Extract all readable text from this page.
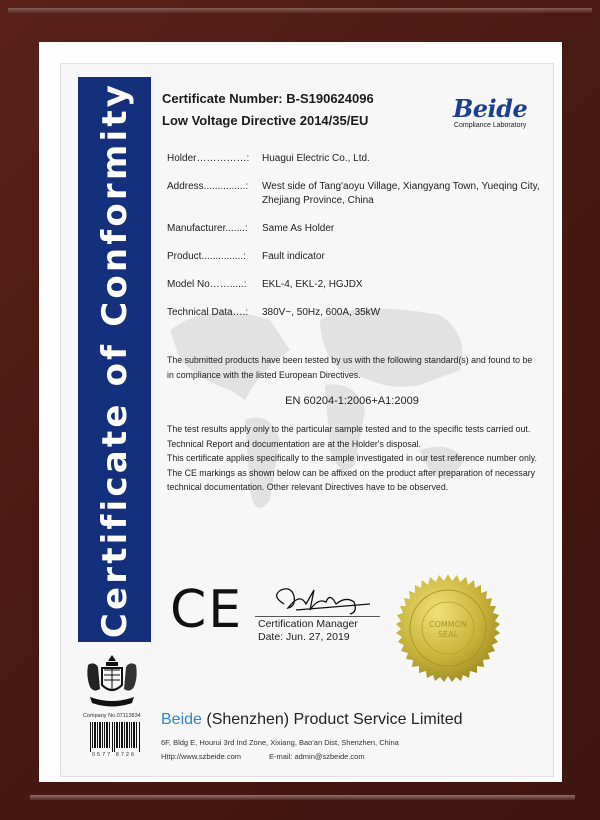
Certificate of Conformity Certificate Number: B-S190624096
Low Voltage Directive 2014/35/EU	Beide
Compliance Laboratory
Holder……………:	Huagui Electric Co., Ltd.
Address...............:	West side of Tang'aoyu Village, Xiangyang Town, Yueqing City, Zhejiang Province, China
Manufacturer.......:	Same As Holder
Product...............:	Fault indicator
Model No…….....:	EKL-4, EKL-2, HGJDX
Technical Data….:	380V~, 50Hz, 600A, 35kW
The submitted products have been tested by us with the following standard(s) and found to be in compliance with the listed European Directives.
EN 60204-1:2006+A1:2009
The test results apply only to the particular sample tested and to the specific tests carried out. Technical Report and documentation are at the Holder's disposal.
This certificate applies specifically to the sample investigated in our test reference number only. The CE markings as shown below can be affixed on the product after preparation of necessary technical documentation. Other relevant Directives have to be observed.
CE Certification Manager
Date: Jun. 27, 2019
COMMON
SEAL
Company No.07113834
0577 8726
Beide (Shenzhen) Product Service Limited
6F, Bldg E, Hourui 3rd Ind Zone, Xixiang, Bao'an Dist, Shenzhen, China
Http://www.szbeide.com	E-mail: admin@szbeide.com
